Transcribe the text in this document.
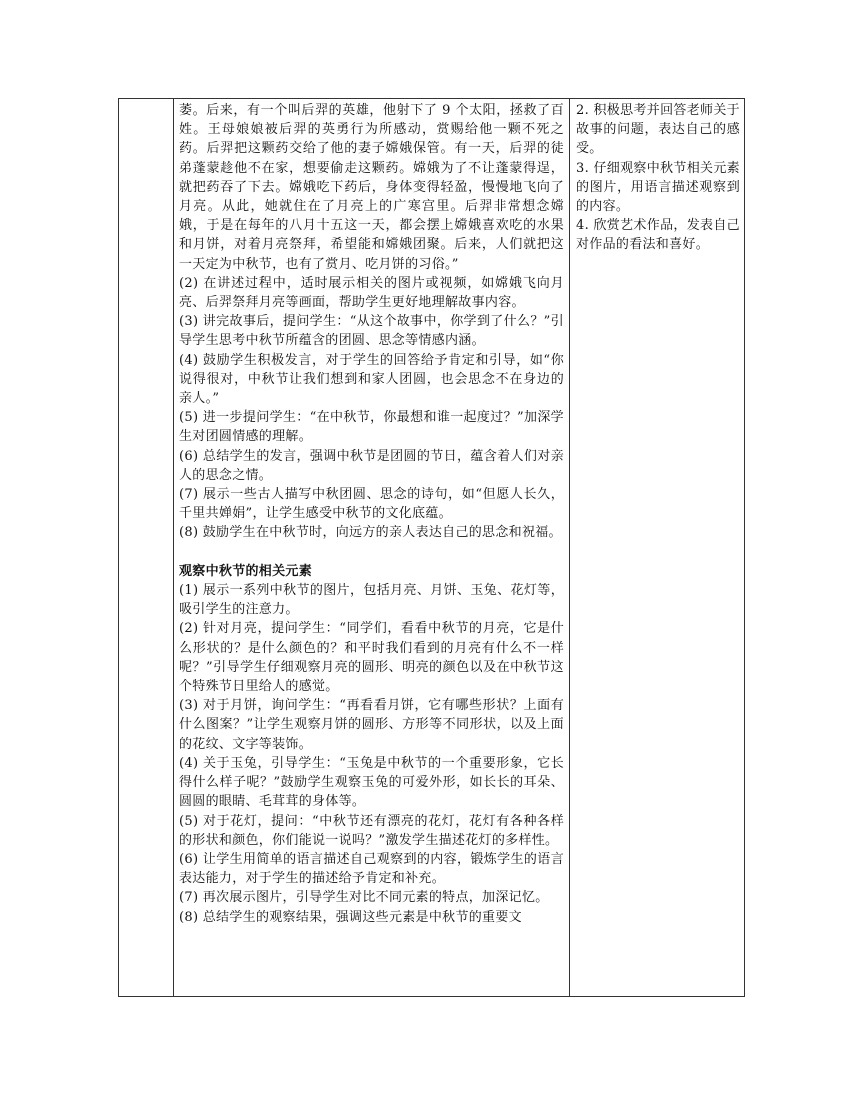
萎。后来，有一个叫后羿的英雄，他射下了 9 个太阳，拯救了百姓。王母娘娘被后羿的英勇行为所感动，赏赐给他一颗不死之药。后羿把这颗药交给了他的妻子嫦娥保管。有一天，后羿的徒弟蓬蒙趁他不在家，想要偷走这颗药。嫦娥为了不让蓬蒙得逞，就把药吞了下去。嫦娥吃下药后，身体变得轻盈，慢慢地飞向了月亮。从此，她就住在了月亮上的广寒宫里。后羿非常想念嫦娥，于是在每年的八月十五这一天，都会摆上嫦娥喜欢吃的水果和月饼，对着月亮祭拜，希望能和嫦娥团聚。后来，人们就把这一天定为中秋节，也有了赏月、吃月饼的习俗。”

(2) 在讲述过程中，适时展示相关的图片或视频，如嫦娥飞向月亮、后羿祭拜月亮等画面，帮助学生更好地理解故事内容。

(3) 讲完故事后，提问学生：“从这个故事中，你学到了什么？”引导学生思考中秋节所蕴含的团圆、思念等情感内涵。

(4) 鼓励学生积极发言，对于学生的回答给予肯定和引导，如“你说得很对，中秋节让我们想到和家人团圆，也会思念不在身边的亲人。”

(5) 进一步提问学生：“在中秋节，你最想和谁一起度过？”加深学生对团圆情感的理解。

(6) 总结学生的发言，强调中秋节是团圆的节日，蕴含着人们对亲人的思念之情。

(7) 展示一些古人描写中秋团圆、思念的诗句，如“但愿人长久，千里共婵娟”，让学生感受中秋节的文化底蕴。

(8) 鼓励学生在中秋节时，向远方的亲人表达自己的思念和祝福。

观察中秋节的相关元素

(1) 展示一系列中秋节的图片，包括月亮、月饼、玉兔、花灯等，吸引学生的注意力。

(2) 针对月亮，提问学生：“同学们，看看中秋节的月亮，它是什么形状的？是什么颜色的？和平时我们看到的月亮有什么不一样呢？”引导学生仔细观察月亮的圆形、明亮的颜色以及在中秋节这个特殊节日里给人的感觉。

(3) 对于月饼，询问学生：“再看看月饼，它有哪些形状？上面有什么图案？”让学生观察月饼的圆形、方形等不同形状，以及上面的花纹、文字等装饰。

(4) 关于玉兔，引导学生：“玉兔是中秋节的一个重要形象，它长得什么样子呢？”鼓励学生观察玉兔的可爱外形，如长长的耳朵、圆圆的眼睛、毛茸茸的身体等。

(5) 对于花灯，提问：“中秋节还有漂亮的花灯，花灯有各种各样的形状和颜色，你们能说一说吗？”激发学生描述花灯的多样性。

(6) 让学生用简单的语言描述自己观察到的内容，锻炼学生的语言表达能力，对于学生的描述给予肯定和补充。

(7) 再次展示图片，引导学生对比不同元素的特点，加深记忆。

(8) 总结学生的观察结果，强调这些元素是中秋节的重要文

2. 积极思考并回答老师关于故事的问题，表达自己的感受。

3. 仔细观察中秋节相关元素的图片，用语言描述观察到的内容。

4. 欣赏艺术作品，发表自己对作品的看法和喜好。
